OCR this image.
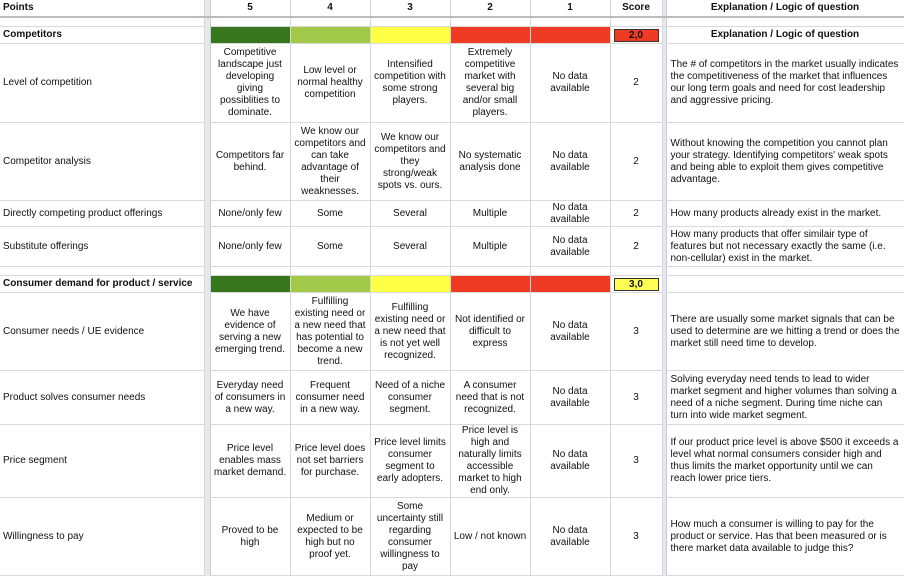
Points		5	4	3	2	1	Score		Explanation / Logic of question

Competitors							2,0		Explanation / Logic of question
Level of competition		Competitive landscape just developing giving possiblities to dominate.	Low level or normal healthy competition	Intensified competition with some strong players.	Extremely competitive market with several big and/or small players.	No data available	2		The # of competitors in the market usually indicates the competitiveness of the market that influences our long term goals and need for cost leadership and aggressive pricing.
Competitor analysis		Competitors far behind.	We know our competitors and can take advantage of their weaknesses.	We know our competitors and they strong/weak spots vs. ours.	No systematic analysis done	No data available	2		Without knowing the competition you cannot plan your strategy. Identifying competitors' weak spots and being able to exploit them gives competitive advantage.
Directly competing product offerings		None/only few	Some	Several	Multiple	No data available	2		How many products already exist in the market.
Substitute offerings		None/only few	Some	Several	Multiple	No data available	2		How many products that offer similair type of features but not necessary exactly the same (i.e. non-cellular) exist in the market.

Consumer demand for product / service							3,0		

Consumer needs / UE evidence		We have evidence of serving a new emerging trend.	Fulfilling existing need or a new need that has potential to become a new trend.	Fulfilling existing need or a new need that is not yet well recognized.	Not identified or difficult to express	No data available	3		There are usually some market signals that can be used to determine are we hitting a trend or does the market still need time to develop.
Product solves consumer needs		Everyday need of consumers in a new way.	Frequent consumer need in a new way.	Need of a niche consumer segment.	A consumer need that is not recognized.	No data available	3		Solving everyday need tends to lead to wider market segment and higher volumes than solving a need of a niche segment. During time niche can turn into wide market segment.
Price segment		Price level enables mass market demand.	Price level does not set barriers for purchase.	Price level limits consumer segment to early adopters.	Price level is high and naturally limits accessible market to high end only.	No data available	3		If our product price level is above $500 it exceeds a level what normal consumers consider high and thus limits the market opportunity until we can reach lower price tiers.
Willingness to pay		Proved to be high	Medium or expected to be high but no proof yet.	Some uncertainty still regarding consumer willingness to pay	Low / not known	No data available	3		How much a consumer is willing to pay for the product or service. Has that been measured or is there market data available to judge this?
